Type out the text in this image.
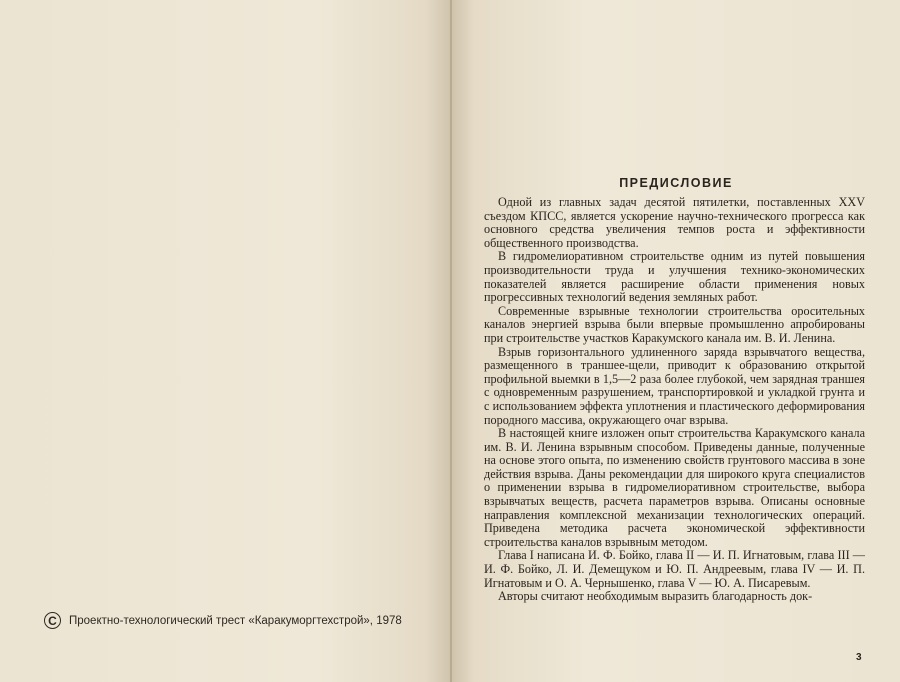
C	Проектно-технологический трест «Каракуморгтехстрой», 1978
ПРЕДИСЛОВИЕ

Одной из главных задач десятой пятилетки, поставленных XXV съездом КПСС, является ускорение научно-технического прогресса как основного средства увеличения темпов роста и эффективности общественного производства.

В гидромелиоративном строительстве одним из путей повышения производительности труда и улучшения технико-экономических показателей является расширение области применения новых прогрессивных технологий ведения земляных работ.

Современные взрывные технологии строительства оросительных каналов энергией взрыва были впервые промышленно апробированы при строительстве участков Каракумского канала им. В. И. Ленина.

Взрыв горизонтального удлиненного заряда взрывчатого вещества, размещенного в траншее-щели, приводит к образованию открытой профильной выемки в 1,5—2 раза более глубокой, чем зарядная траншея с одновременным разрушением, транспортировкой и укладкой грунта и с использованием эффекта уплотнения и пластического деформирования породного массива, окружающего очаг взрыва.

В настоящей книге изложен опыт строительства Каракумского канала им. В. И. Ленина взрывным способом. Приведены данные, полученные на основе этого опыта, по изменению свойств грунтового массива в зоне действия взрыва. Даны рекомендации для широкого круга специалистов о применении взрыва в гидромелиоративном строительстве, выбора взрывчатых веществ, расчета параметров взрыва. Описаны основные направления комплексной механизации технологических операций. Приведена методика расчета экономической эффективности строительства каналов взрывным методом.

Глава I написана И. Ф. Бойко, глава II — И. П. Игнатовым, глава III — И. Ф. Бойко, Л. И. Демещуком и Ю. П. Андреевым, глава IV — И. П. Игнатовым и О. А. Чернышенко, глава V — Ю. А. Писаревым.

Авторы считают необходимым выразить благодарность док-

3
